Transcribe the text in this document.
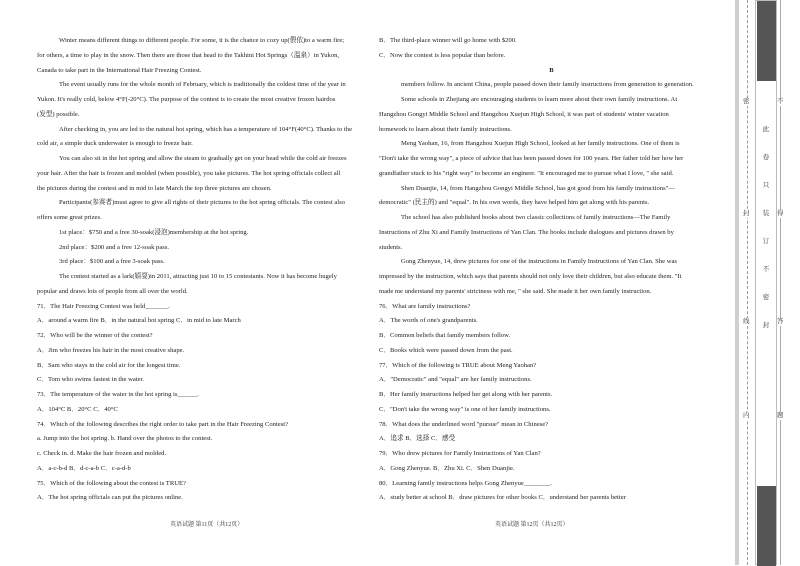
Winter means different things to different people. For some, it is the chance to cozy up(偎依)to a warm fire;

for others, a time to play in the snow. Then there are those that head to the Takhini Hot Springs（温泉）in Yukon,

Canada to take part in the International Hair Freezing Contest.

The event usually runs for the whole month of February, which is traditionally the coldest time of the year in

Yukon. It's really cold, below 4°F(-20°C). The purpose of the contest is to create the most creative frozen hairdos

(发型) possible.

After checking in, you are led to the natural hot spring, which has a temperature of 104°F(40°C). Thanks to the

cold air, a simple duck underwater is enough to freeze hair.

You can also sit in the hot spring and allow the steam to gradually get on your head while the cold air freezes

your hair. After the hair is frozen and molded (when possible), you take pictures. The hot spring officials collect all

the pictures during the contest and in mid to late March the top three pictures are chosen.

Participants(参赛者)must agree to give all rights of their pictures to the hot spring officials. The contest also

offers some great prizes.

1st place：$750 and a free 30-soak(浸泡)membership at the hot spring.

2nd place：$200 and a free 12-soak pass.

3rd place：$100 and a free 3-soak pass.

The contest started as a lark(嬉耍)in 2011, attracting just 10 to 15 contestants. Now it has become hugely

popular and draws lots of people from all over the world.

71．The Hair Freezing Contest was held_______.

A．around a warm fire B．in the natural hot spring C．in mid to late March

72．Who will be the winner of the contest?

A．Jim who freezes his hair in the most creative shape.

B．Sam who stays in the cold air for the longest time.

C．Tom who swims fastest in the water.

73．The temperature of the water in the hot spring is______.

A．104°C B．20°C C．40°C

74．Which of the following describes the right order to take part in the Hair Freezing Contest?

a. Jump into the hot spring. b. Hand over the photos to the contest.

c. Check in. d. Make the hair frozen and molded.

A．a-c-b-d B．d-c-a-b C．c-a-d-b

75．Which of the following about the contest is TRUE?

A．The hot spring officials can put the pictures online.

B．The third-place winner will go home with $200.

C．Now the contest is less popular than before.

B

members follow. In ancient China, people passed down their family instructions from generation to generation.

Some schools in Zhejiang are encouraging students to learn more about their own family instructions. At

Hangzhou Gongyi Middle School and Hangzhou Xuejun High School, it was part of students' winter vacation

homework to learn about their family instructions.

Meng Yaohan, 16, from Hangzhou Xuejun High School, looked at her family instructions. One of them is

"Don't take the wrong way", a piece of advice that has been passed down for 100 years. Her father told her how her

grandfather stuck to his "right way" to become an engineer. "It encouraged me to pursue what I love, " she said.

Shen Duanjie, 14, from Hangzhou Gongyi Middle School, has got good from his family instructions"—

democratic" (民主的) and "equal". In his own words, they have helped him get along with his parents.

The school has also published books about two classic collections of family instructions—The Family

Instructions of Zhu Xi and Family Instructions of Yan Clan. The books include dialogues and pictures drawn by

students.

Gong Zhenyue, 14, drew pictures for one of the instructions in Family Instructions of Yan Clan. She was

impressed by the instruction, which says that parents should not only love their children, but also educate them. "It

made me understand my parents' strictness with me, " she said. She made it her own family instruction.

76．What are family instructions?

A．The words of one's grandparents.

B．Common beliefs that family members follow.

C．Books which were passed down from the past.

77．Which of the following is TRUE about Meng Yaohan?

A．"Democratic" and "equal" are her family instructions.

B．Her family instructions helped her get along with her parents.

C．"Don't take the wrong way" is one of her family instructions.

78．What does the underlined word "pursue" mean in Chinese?

A．追求 B．选择 C．感受

79．Who drew pictures for Family Instructions of Yan Clan?

A．Gong Zhenyue. B．Zhu Xi. C．Shen Duanjie.

80．Learning family instructions helps Gong Zhenyue________.

A．study better at school B．draw pictures for other books C．understand her parents better

英语试题 第11页（共12页）	英语试题 第12页（共12页）
密
封
线
内
此
卷
只
装
订
不
密
封
不
得
答
题
